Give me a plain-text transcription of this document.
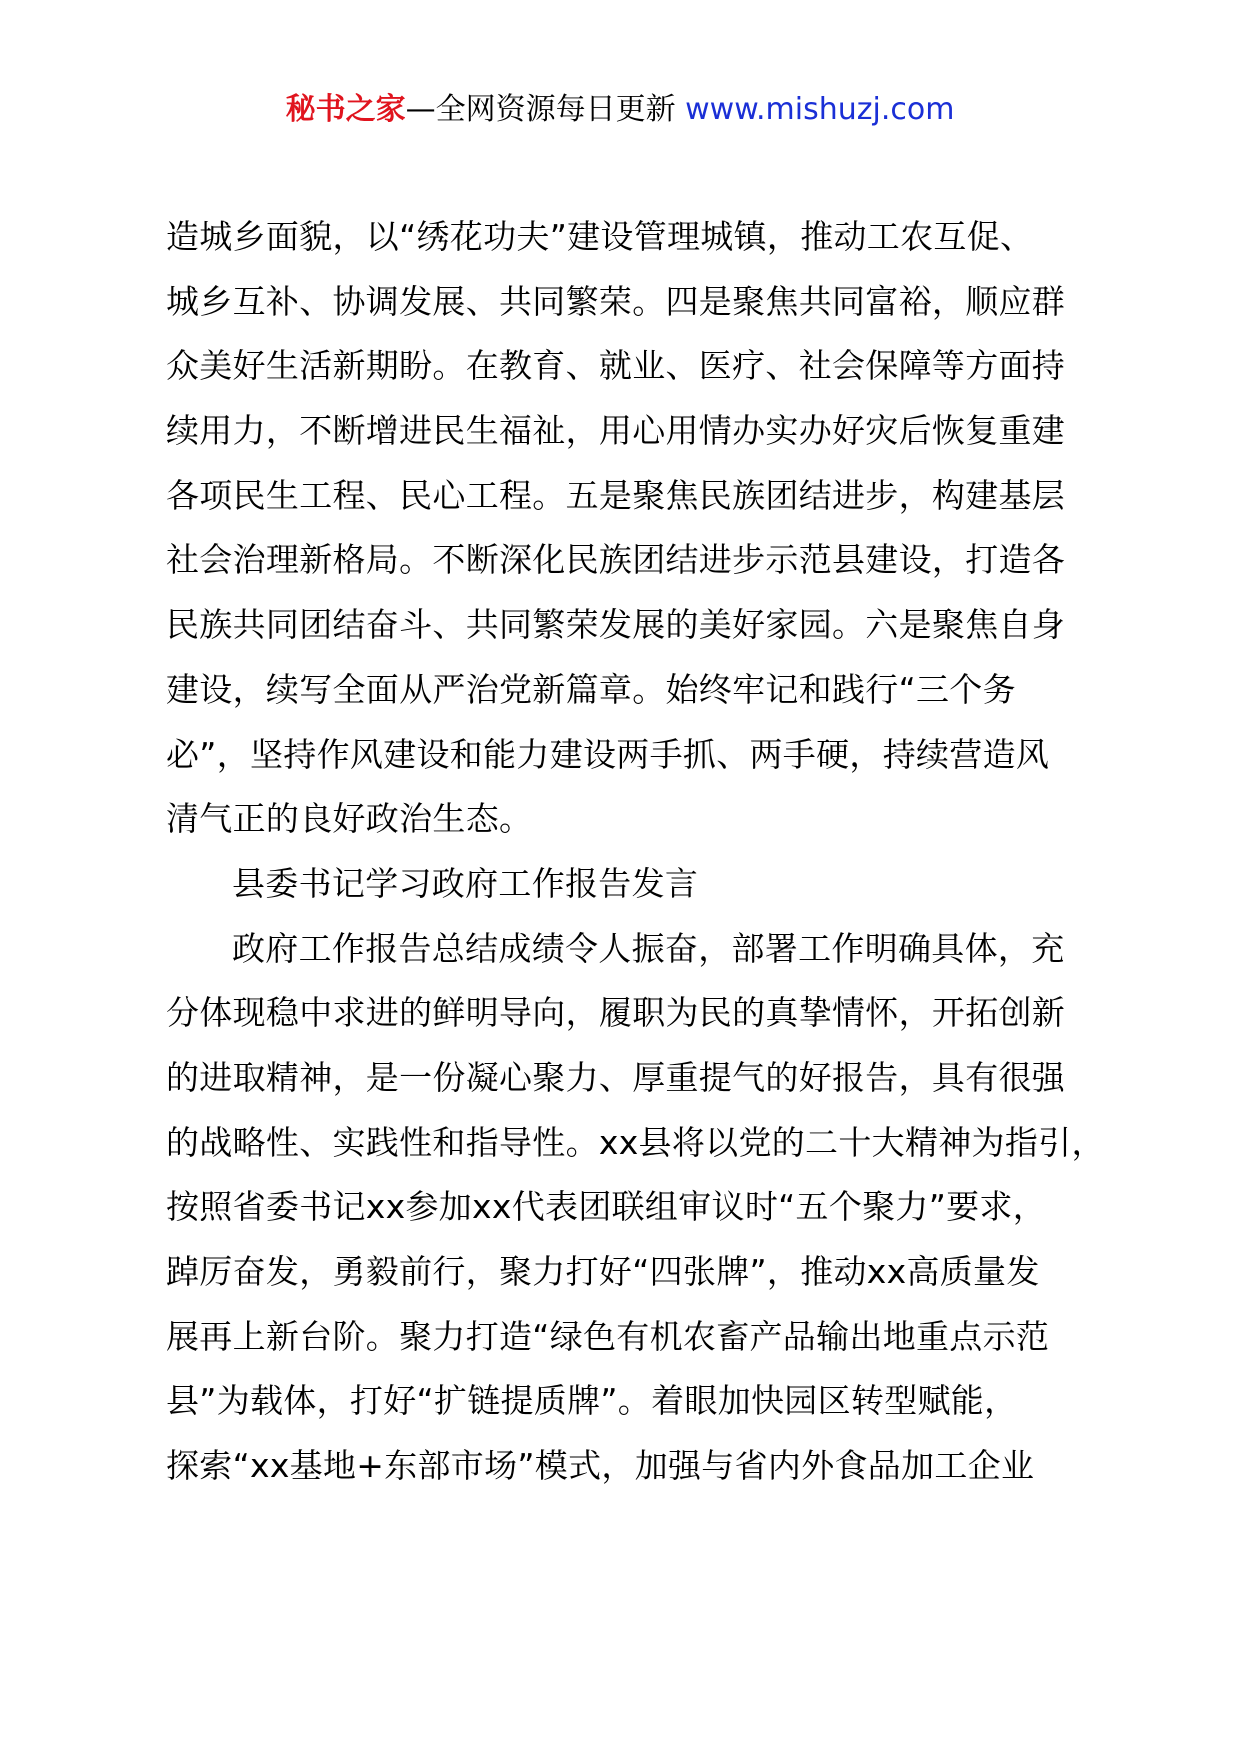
秘书之家—全网资源每日更新 www.mishuzj.com
造城乡面貌，以“绣花功夫”建设管理城镇，推动工农互促、
城乡互补、协调发展、共同繁荣。四是聚焦共同富裕，顺应群
众美好生活新期盼。在教育、就业、医疗、社会保障等方面持
续用力，不断增进民生福祉，用心用情办实办好灾后恢复重建
各项民生工程、民心工程。五是聚焦民族团结进步，构建基层
社会治理新格局。不断深化民族团结进步示范县建设，打造各
民族共同团结奋斗、共同繁荣发展的美好家园。六是聚焦自身
建设，续写全面从严治党新篇章。始终牢记和践行“三个务
必”，坚持作风建设和能力建设两手抓、两手硬，持续营造风
清气正的良好政治生态。
县委书记学习政府工作报告发言
政府工作报告总结成绩令人振奋，部署工作明确具体，充
分体现稳中求进的鲜明导向，履职为民的真挚情怀，开拓创新
的进取精神，是一份凝心聚力、厚重提气的好报告，具有很强
的战略性、实践性和指导性。xx县将以党的二十大精神为指引，
按照省委书记xx参加xx代表团联组审议时“五个聚力”要求，
踔厉奋发，勇毅前行，聚力打好“四张牌”，推动xx高质量发
展再上新台阶。聚力打造“绿色有机农畜产品输出地重点示范
县”为载体，打好“扩链提质牌”。着眼加快园区转型赋能，
探索“xx基地+东部市场”模式，加强与省内外食品加工企业
